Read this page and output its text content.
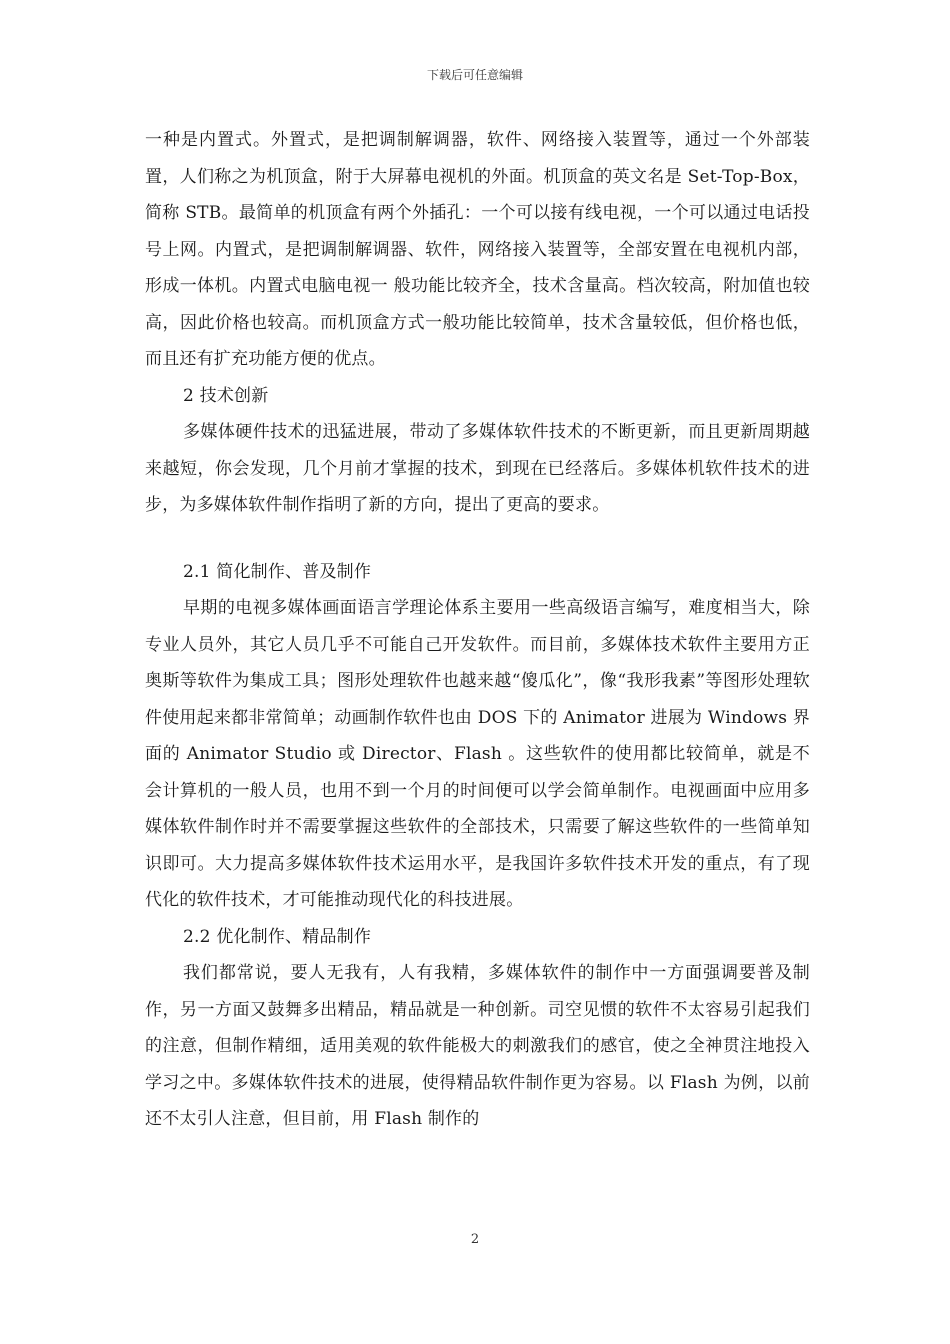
下载后可任意编辑

一种是内置式。外置式，是把调制解调器，软件、网络接入装置等，通过一个外部装置，人们称之为机顶盒，附于大屏幕电视机的外面。机顶盒的英文名是 Set-Top-Box，简称 STB。最简单的机顶盒有两个外插孔：一个可以接有线电视，一个可以通过电话投号上网。内置式，是把调制解调器、软件，网络接入装置等，全部安置在电视机内部，形成一体机。内置式电脑电视一 般功能比较齐全，技术含量高。档次较高，附加值也较高，因此价格也较高。而机顶盒方式一般功能比较简单，技术含量较低，但价格也低，而且还有扩充功能方便的优点。

2 技术创新

多媒体硬件技术的迅猛进展，带动了多媒体软件技术的不断更新，而且更新周期越来越短，你会发现，几个月前才掌握的技术，到现在已经落后。多媒体机软件技术的进步，为多媒体软件制作指明了新的方向，提出了更高的要求。

2.1 简化制作、普及制作

早期的电视多媒体画面语言学理论体系主要用一些高级语言编写，难度相当大，除专业人员外，其它人员几乎不可能自己开发软件。而目前，多媒体技术软件主要用方正奥斯等软件为集成工具；图形处理软件也越来越“傻瓜化”，像“我形我素”等图形处理软件使用起来都非常简单；动画制作软件也由 DOS 下的 Animator 进展为 Windows 界面的 Animator Studio 或 Director、Flash 。这些软件的使用都比较简单，就是不会计算机的一般人员，也用不到一个月的时间便可以学会简单制作。电视画面中应用多媒体软件制作时并不需要掌握这些软件的全部技术，只需要了解这些软件的一些简单知识即可。大力提高多媒体软件技术运用水平，是我国许多软件技术开发的重点，有了现代化的软件技术，才可能推动现代化的科技进展。

2.2 优化制作、精品制作

我们都常说，要人无我有，人有我精，多媒体软件的制作中一方面强调要普及制作，另一方面又鼓舞多出精品，精品就是一种创新。司空见惯的软件不太容易引起我们的注意，但制作精细，适用美观的软件能极大的刺激我们的感官，使之全神贯注地投入学习之中。多媒体软件技术的进展，使得精品软件制作更为容易。以 Flash 为例，以前还不太引人注意，但目前，用 Flash 制作的

2
